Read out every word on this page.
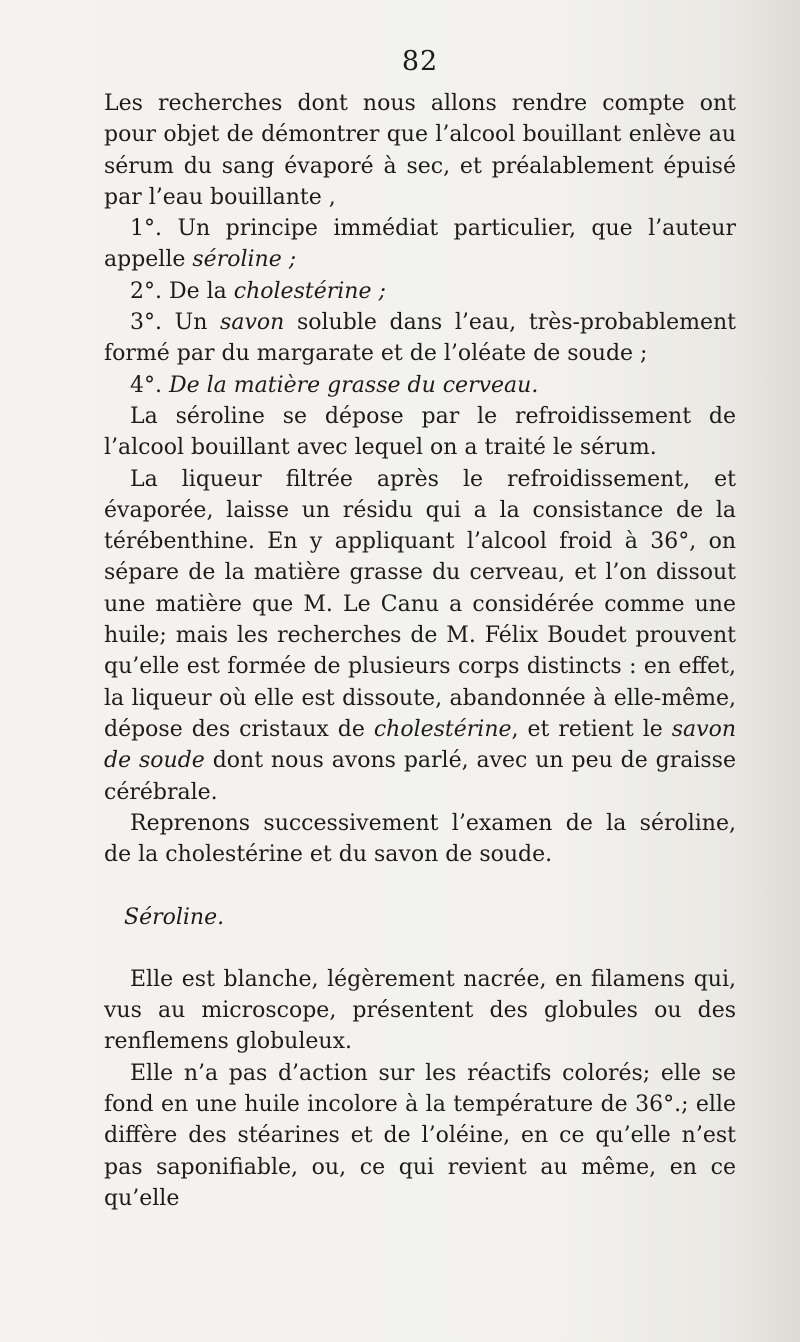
82

Les recherches dont nous allons rendre compte ont pour objet de démontrer que l’alcool bouillant enlève au sérum du sang évaporé à sec, et préalablement épuisé par l’eau bouillante ,

1°. Un principe immédiat particulier, que l’auteur appelle séroline ;

2°. De la cholestérine ;

3°. Un savon soluble dans l’eau, très-probablement formé par du margarate et de l’oléate de soude ;

4°. De la matière grasse du cerveau.

La séroline se dépose par le refroidissement de l’alcool bouillant avec lequel on a traité le sérum.

La liqueur filtrée après le refroidissement, et évaporée, laisse un résidu qui a la consistance de la térébenthine. En y appliquant l’alcool froid à 36°, on sépare de la matière grasse du cerveau, et l’on dissout une matière que M. Le Canu a considérée comme une huile; mais les recherches de M. Félix Boudet prouvent qu’elle est formée de plusieurs corps distincts : en effet, la liqueur où elle est dissoute, abandonnée à elle-même, dépose des cristaux de cholestérine, et retient le savon de soude dont nous avons parlé, avec un peu de graisse cérébrale.

Reprenons successivement l’examen de la séroline, de la cholestérine et du savon de soude.

Séroline.

Elle est blanche, légèrement nacrée, en filamens qui, vus au microscope, présentent des globules ou des renflemens globuleux.

Elle n’a pas d’action sur les réactifs colorés; elle se fond en une huile incolore à la température de 36°.; elle diffère des stéarines et de l’oléine, en ce qu’elle n’est pas saponifiable, ou, ce qui revient au même, en ce qu’elle
